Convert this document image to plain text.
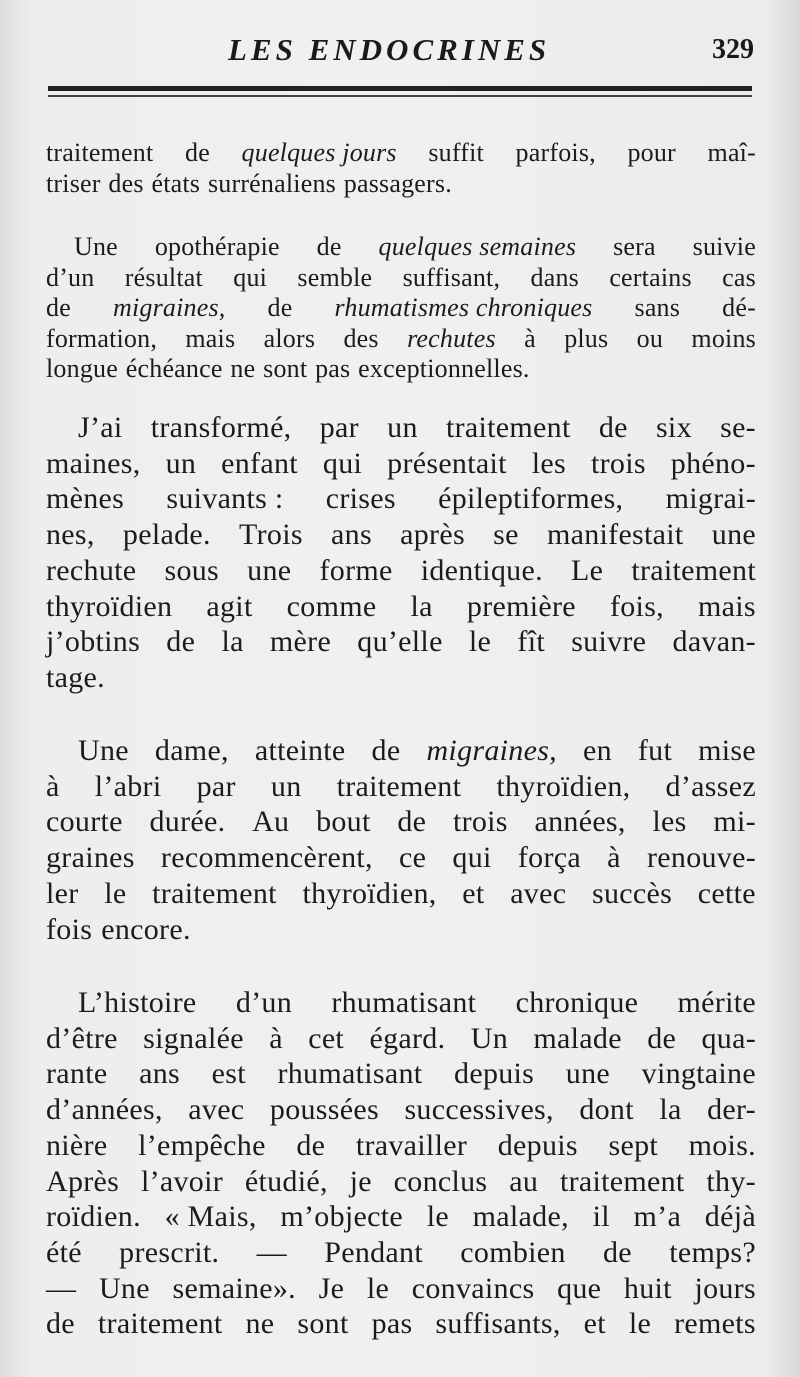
LES ENDOCRINES	329
traitement de quelques jours suffit parfois, pour maî-
triser des états surrénaliens passagers.
Une opothérapie de quelques semaines sera suivie
d’un résultat qui semble suffisant, dans certains cas
de migraines, de rhumatismes chroniques sans dé-
formation, mais alors des rechutes à plus ou moins
longue échéance ne sont pas exceptionnelles.
J’ai transformé, par un traitement de six se-
maines, un enfant qui présentait les trois phéno-
mènes suivants : crises épileptiformes, migrai-
nes, pelade. Trois ans après se manifestait une
rechute sous une forme identique. Le traitement
thyroïdien agit comme la première fois, mais
j’obtins de la mère qu’elle le fît suivre davan-
tage.
Une dame, atteinte de migraines, en fut mise
à l’abri par un traitement thyroïdien, d’assez
courte durée. Au bout de trois années, les mi-
graines recommencèrent, ce qui força à renouve-
ler le traitement thyroïdien, et avec succès cette
fois encore.
L’histoire d’un rhumatisant chronique mérite
d’être signalée à cet égard. Un malade de qua-
rante ans est rhumatisant depuis une vingtaine
d’années, avec poussées successives, dont la der-
nière l’empêche de travailler depuis sept mois.
Après l’avoir étudié, je conclus au traitement thy-
roïdien. « Mais, m’objecte le malade, il m’a déjà
été prescrit. — Pendant combien de temps?
— Une semaine». Je le convaincs que huit jours
de traitement ne sont pas suffisants, et le remets
